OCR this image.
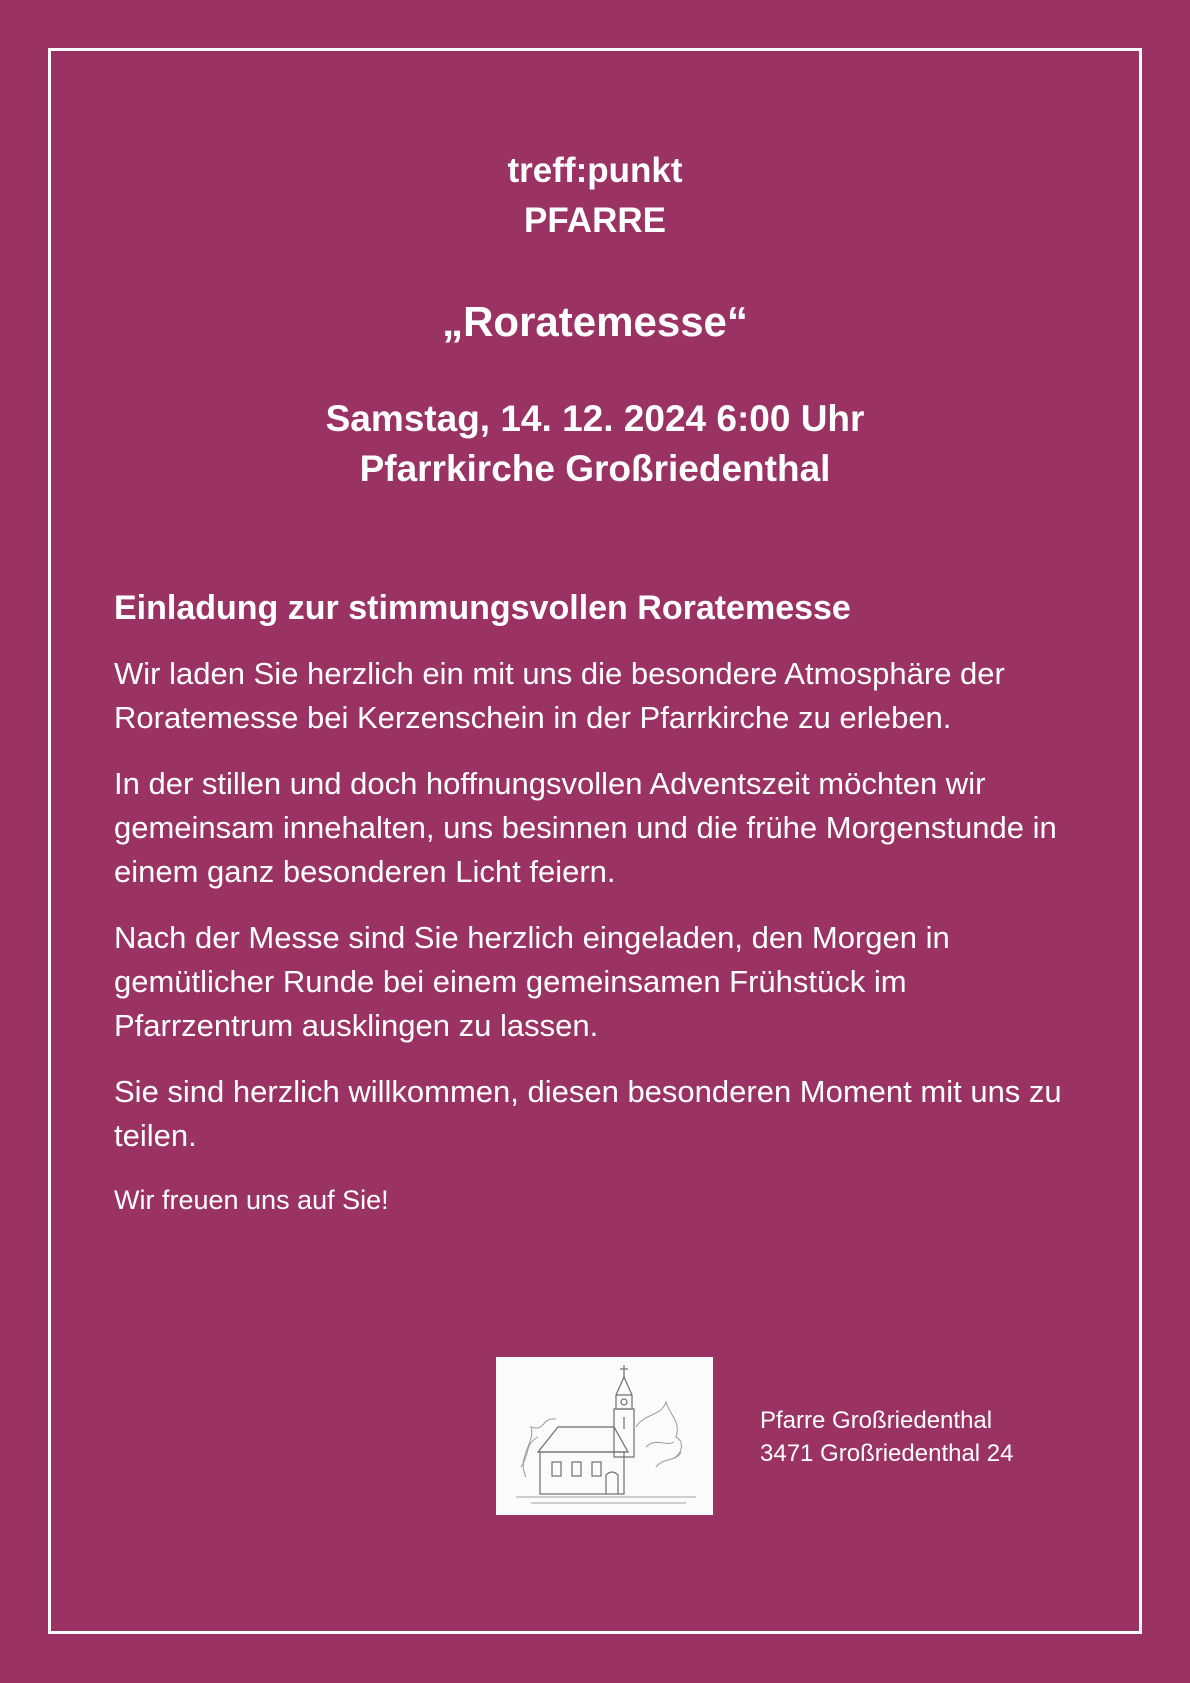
treff:punkt
PFARRE
„Roratemesse“
Samstag, 14. 12. 2024 6:00 Uhr
Pfarrkirche Großriedenthal
Einladung zur stimmungsvollen Roratemesse

Wir laden Sie herzlich ein mit uns die besondere Atmosphäre der Roratemesse bei Kerzenschein in der Pfarrkirche zu erleben.

In der stillen und doch hoffnungsvollen Adventszeit möchten wir gemeinsam innehalten, uns besinnen und die frühe Morgenstunde in einem ganz besonderen Licht feiern.

Nach der Messe sind Sie herzlich eingeladen, den Morgen in gemütlicher Runde bei einem gemeinsamen Frühstück im Pfarrzentrum ausklingen zu lassen.

Sie sind herzlich willkommen, diesen besonderen Moment mit uns zu teilen.

Wir freuen uns auf Sie!
Pfarre Großriedenthal
3471 Großriedenthal 24
